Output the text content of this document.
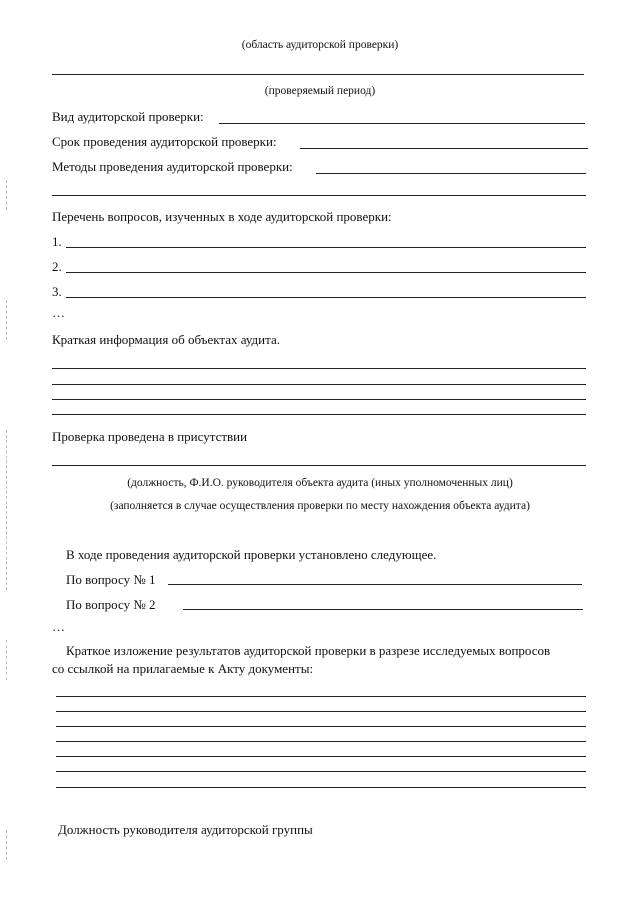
(область аудиторской проверки)
(проверяемый период)
Вид аудиторской проверки:
Срок проведения аудиторской проверки:
Методы проведения аудиторской проверки:
Перечень вопросов, изученных в ходе аудиторской проверки:
1.
2.
3.
…
Краткая информация об объектах аудита.
Проверка проведена в присутствии
(должность, Ф.И.О. руководителя объекта аудита (иных уполномоченных лиц)
(заполняется в случае осуществления проверки по месту нахождения объекта аудита)
В ходе проведения аудиторской проверки установлено следующее.
По вопросу № 1
По вопросу № 2
…
Краткое изложение результатов аудиторской проверки в разрезе исследуемых вопросов
со ссылкой на прилагаемые к Акту документы:
Должность руководителя аудиторской группы
